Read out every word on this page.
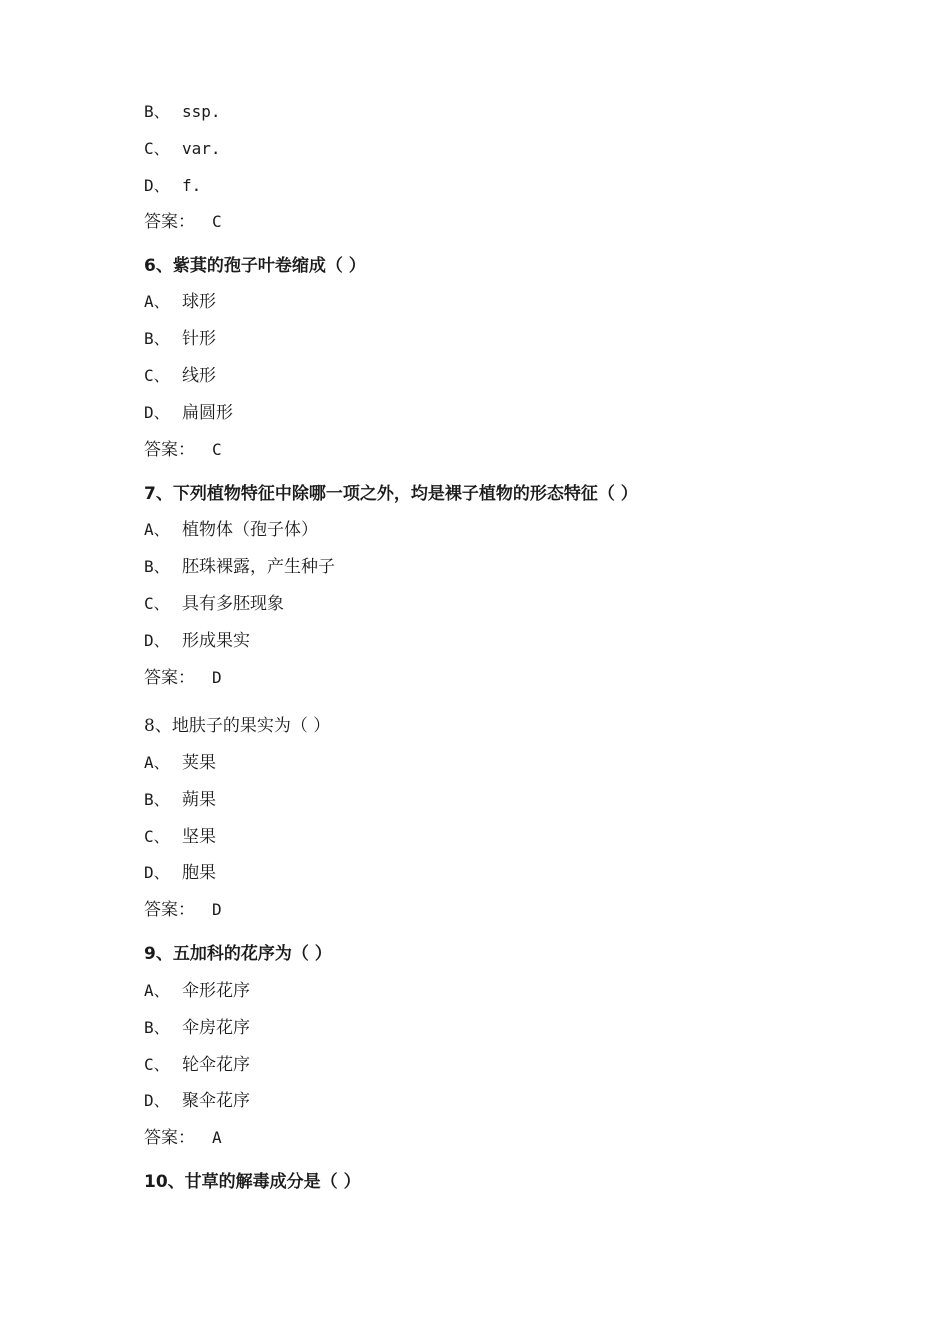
B、 ssp.
C、 var.
D、 f.
答案： C
6、紫萁的孢子叶卷缩成（ ）
A、 球形
B、 针形
C、 线形
D、 扁圆形
答案： C
7、下列植物特征中除哪一项之外，均是裸子植物的形态特征（ ）
A、 植物体（孢子体）
B、 胚珠裸露，产生种子
C、 具有多胚现象
D、 形成果实
答案： D
8、地肤子的果实为（ ）
A、 荚果
B、 蒴果
C、 坚果
D、 胞果
答案： D
9、五加科的花序为（ ）
A、 伞形花序
B、 伞房花序
C、 轮伞花序
D、 聚伞花序
答案： A
10、甘草的解毒成分是（ ）
